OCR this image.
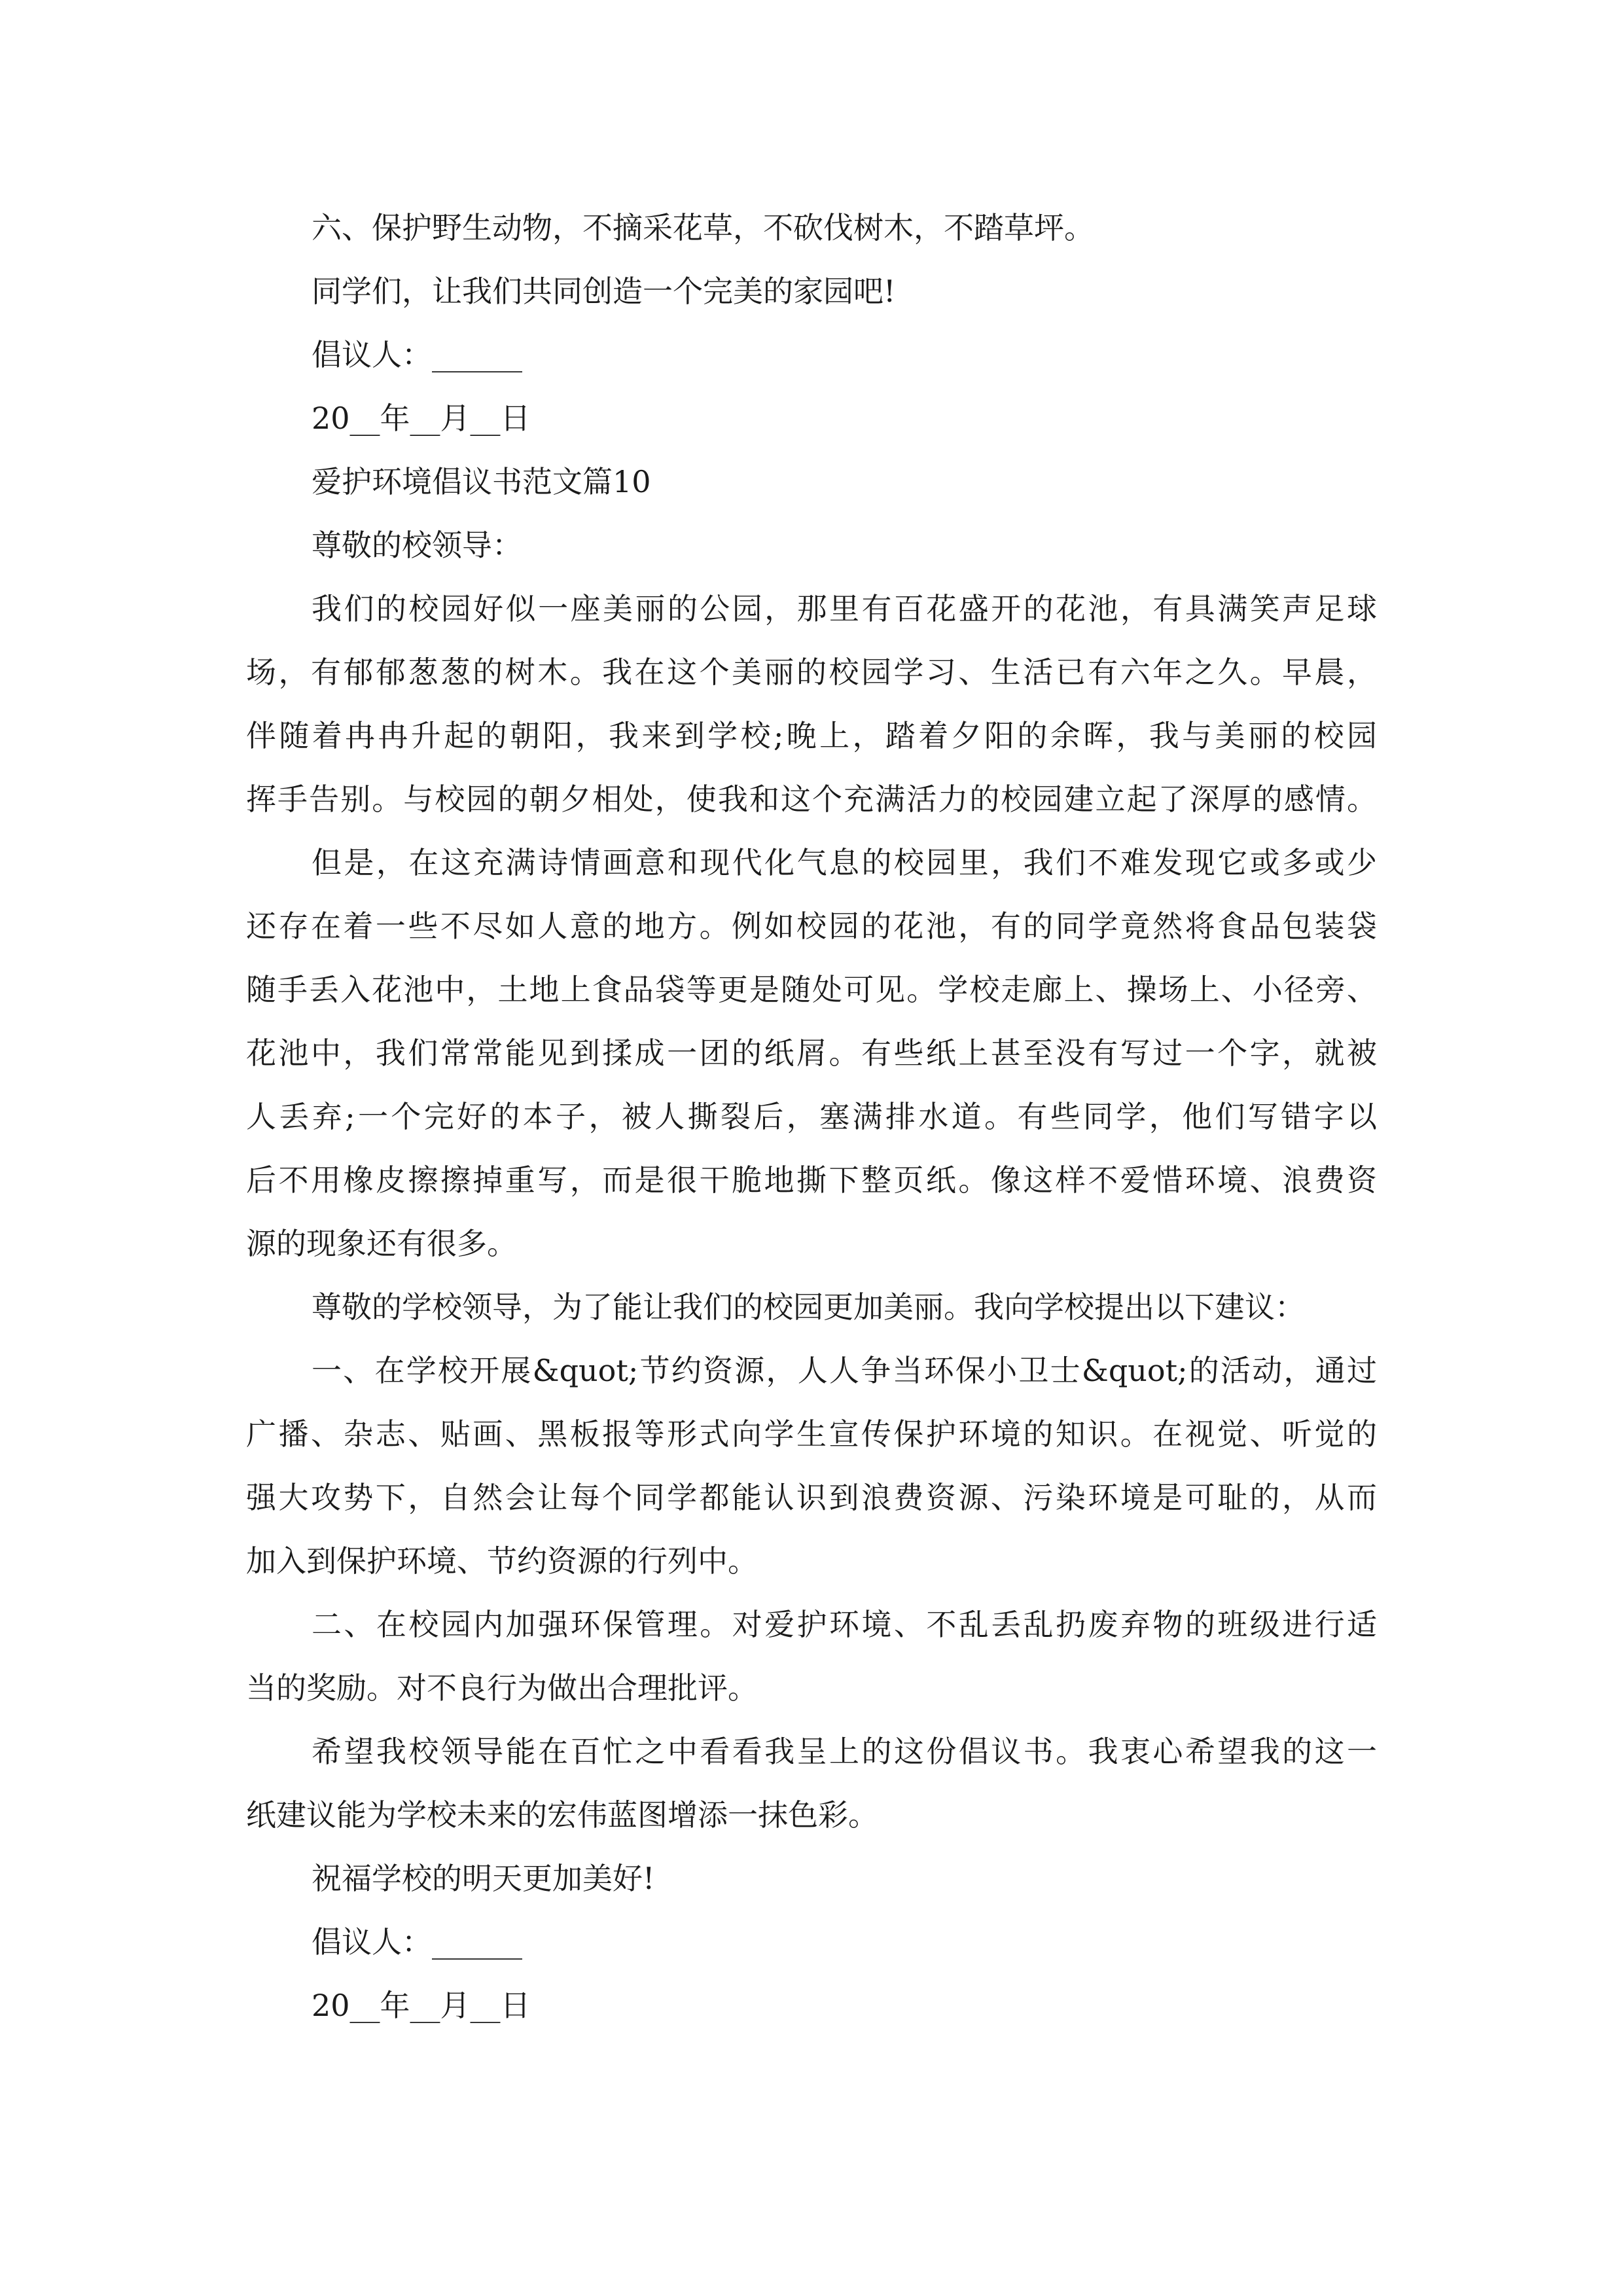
六、保护野生动物，不摘采花草，不砍伐树木，不踏草坪。
同学们，让我们共同创造一个完美的家园吧!
倡议人：______
20__年__月__日
爱护环境倡议书范文篇10
尊敬的校领导：
我们的校园好似一座美丽的公园，那里有百花盛开的花池，有具满笑声足球
场，有郁郁葱葱的树木。我在这个美丽的校园学习、生活已有六年之久。早晨，
伴随着冉冉升起的朝阳，我来到学校;晚上，踏着夕阳的余晖，我与美丽的校园
挥手告别。与校园的朝夕相处，使我和这个充满活力的校园建立起了深厚的感情。
但是，在这充满诗情画意和现代化气息的校园里，我们不难发现它或多或少
还存在着一些不尽如人意的地方。例如校园的花池，有的同学竟然将食品包装袋
随手丢入花池中，土地上食品袋等更是随处可见。学校走廊上、操场上、小径旁、
花池中，我们常常能见到揉成一团的纸屑。有些纸上甚至没有写过一个字，就被
人丢弃;一个完好的本子，被人撕裂后，塞满排水道。有些同学，他们写错字以
后不用橡皮擦擦掉重写，而是很干脆地撕下整页纸。像这样不爱惜环境、浪费资
源的现象还有很多。
尊敬的学校领导，为了能让我们的校园更加美丽。我向学校提出以下建议：
一、在学校开展&quot;节约资源，人人争当环保小卫士&quot;的活动，通过
广播、杂志、贴画、黑板报等形式向学生宣传保护环境的知识。在视觉、听觉的
强大攻势下，自然会让每个同学都能认识到浪费资源、污染环境是可耻的，从而
加入到保护环境、节约资源的行列中。
二、在校园内加强环保管理。对爱护环境、不乱丢乱扔废弃物的班级进行适
当的奖励。对不良行为做出合理批评。
希望我校领导能在百忙之中看看我呈上的这份倡议书。我衷心希望我的这一
纸建议能为学校未来的宏伟蓝图增添一抹色彩。
祝福学校的明天更加美好!
倡议人：______
20__年__月__日
